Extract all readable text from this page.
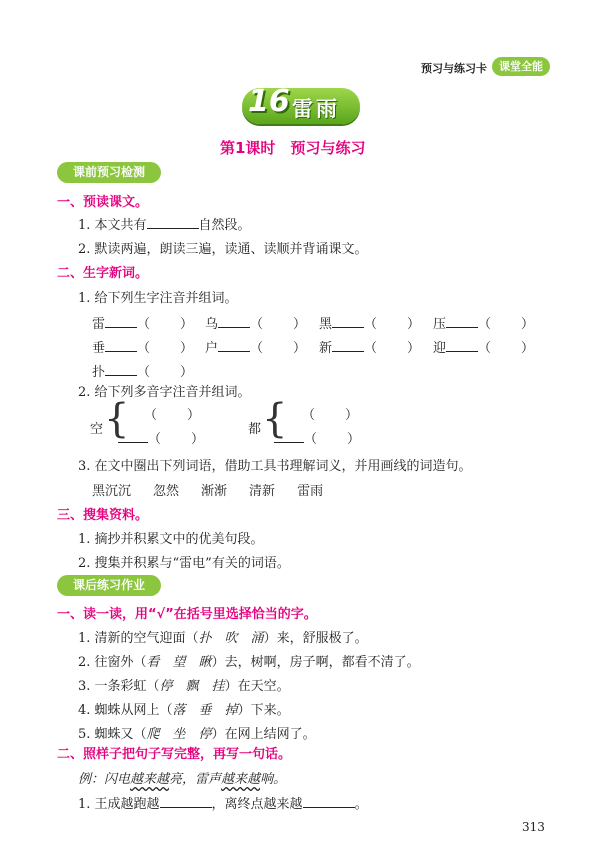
预习与练习卡	课堂全能
16 雷雨
第1课时　预习与练习
课前预习检测
一、预读课文。
1. 本文共有	自然段。
2. 默读两遍，朗读三遍，读通、读顺并背诵课文。
二、生字新词。
1. 给下列生字注音并组词。
雷 （ ） 乌 （ ） 黑 （ ） 压 （ ）
垂 （ ） 户 （ ） 新 （ ） 迎 （ ）
扑 （ ）
2. 给下列多音字注音并组词。
空 { （ ）
（ ）
都 { （ ）
（ ）
3. 在文中圈出下列词语，借助工具书理解词义，并用画线的词造句。
黑沉沉 忽然 渐渐 清新 雷雨
三、搜集资料。
1. 摘抄并积累文中的优美句段。
2. 搜集并积累与“雷电”有关的词语。
课后练习作业
一、读一读，用“√”在括号里选择恰当的字。
1. 清新的空气迎面（扑　吹　涌）来，舒服极了。
2. 往窗外（看　望　瞅）去，树啊，房子啊，都看不清了。
3. 一条彩虹（停　飘　挂）在天空。
4. 蜘蛛从网上（落　垂　掉）下来。
5. 蜘蛛又（爬　坐　停）在网上结网了。
二、照样子把句子写完整，再写一句话。
例：闪电越来越亮，雷声越来越响。
1. 王成越跑越	，离终点越来越	。
313
